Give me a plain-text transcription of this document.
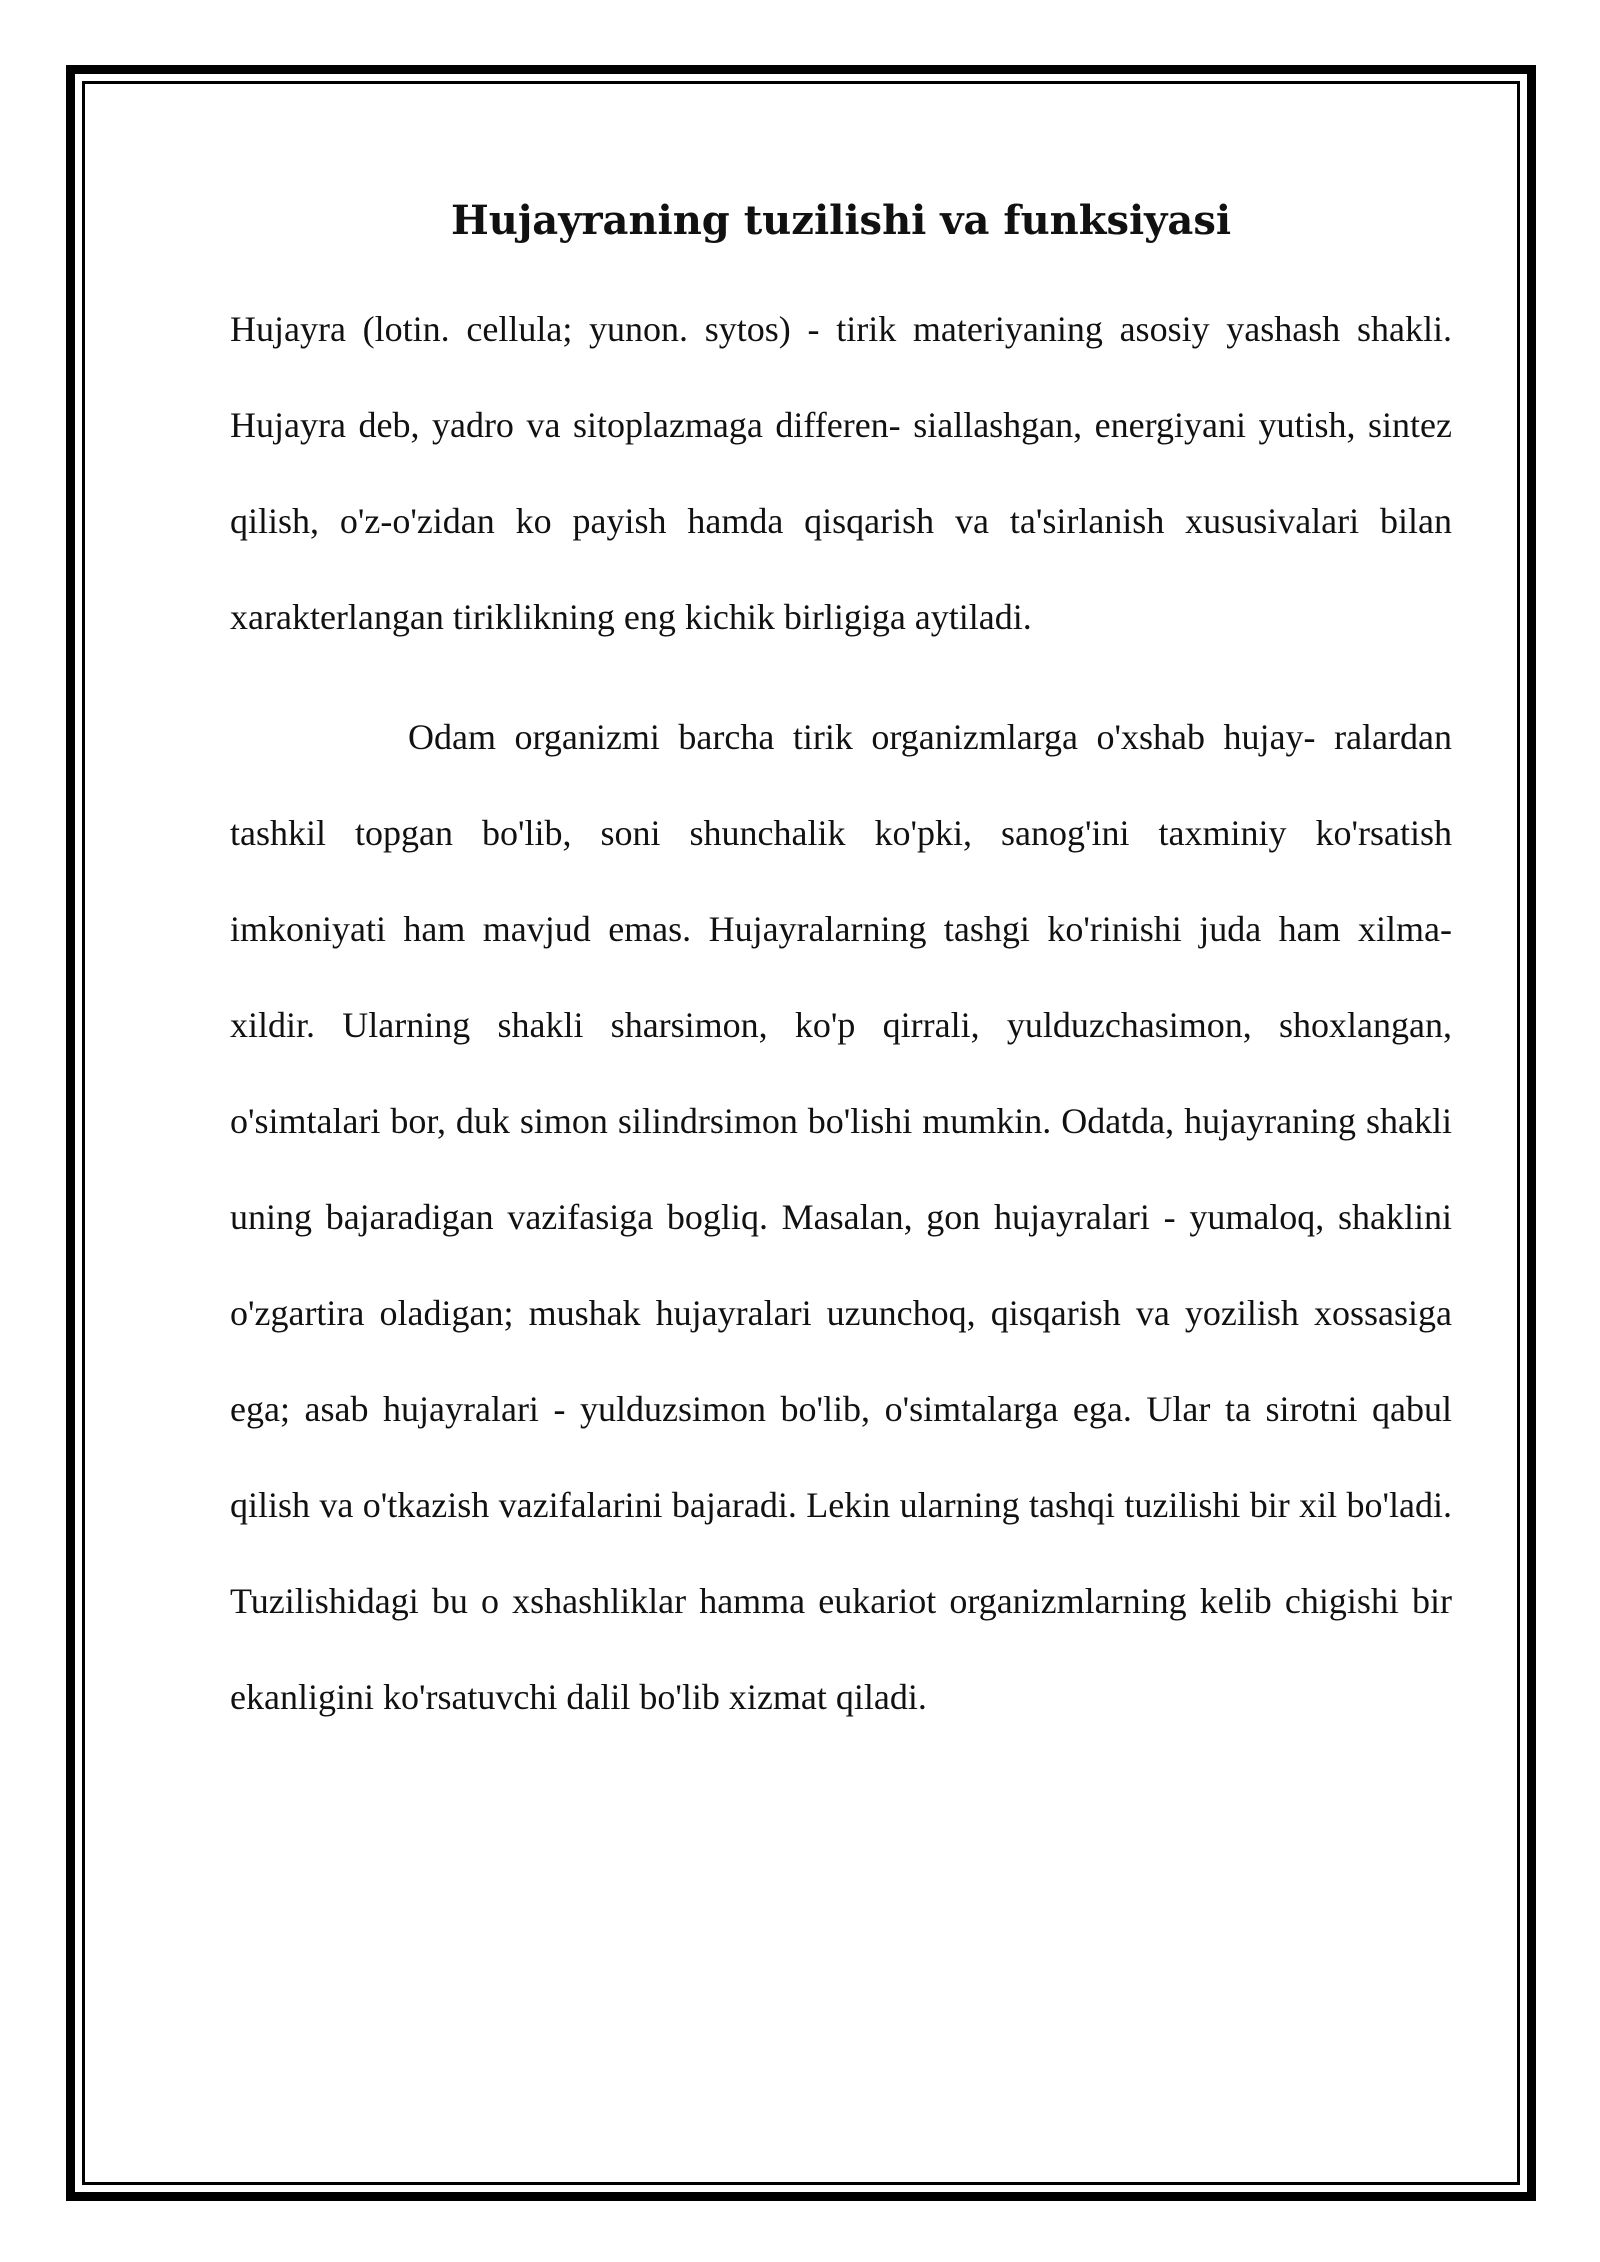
Hujayraning tuzilishi va funksiyasi

Hujayra (lotin. cellula; yunon. sytos) - tirik materiyaning asosiy yashash shakli. Hujayra deb, yadro va sitoplazmaga differen- siallashgan, energiyani yutish, sintez qilish, o'z-o'zidan ko payish hamda qisqarish va ta'sirlanish xususivalari bilan xarakterlangan tiriklikning eng kichik birligiga aytiladi.

Odam organizmi barcha tirik organizmlarga o'xshab hujay- ralardan tashkil topgan bo'lib, soni shunchalik ko'pki, sanog'ini taxminiy ko'rsatish imkoniyati ham mavjud emas. Hujayralarning tashgi ko'rinishi juda ham xilma-xildir. Ularning shakli sharsimon, ko'p qirrali, yulduzchasimon, shoxlangan, o'simtalari bor, duk simon silindrsimon bo'lishi mumkin. Odatda, hujayraning shakli uning bajaradigan vazifasiga bogliq. Masalan, gon hujayralari - yumaloq, shaklini o'zgartira oladigan; mushak hujayralari uzunchoq, qisqarish va yozilish xossasiga ega; asab hujayralari - yulduzsimon bo'lib, o'simtalarga ega. Ular ta sirotni qabul qilish va o'tkazish vazifalarini bajaradi. Lekin ularning tashqi tuzilishi bir xil bo'ladi. Tuzilishidagi bu o xshashliklar hamma eukariot organizmlarning kelib chigishi bir ekanligini ko'rsatuvchi dalil bo'lib xizmat qiladi.
